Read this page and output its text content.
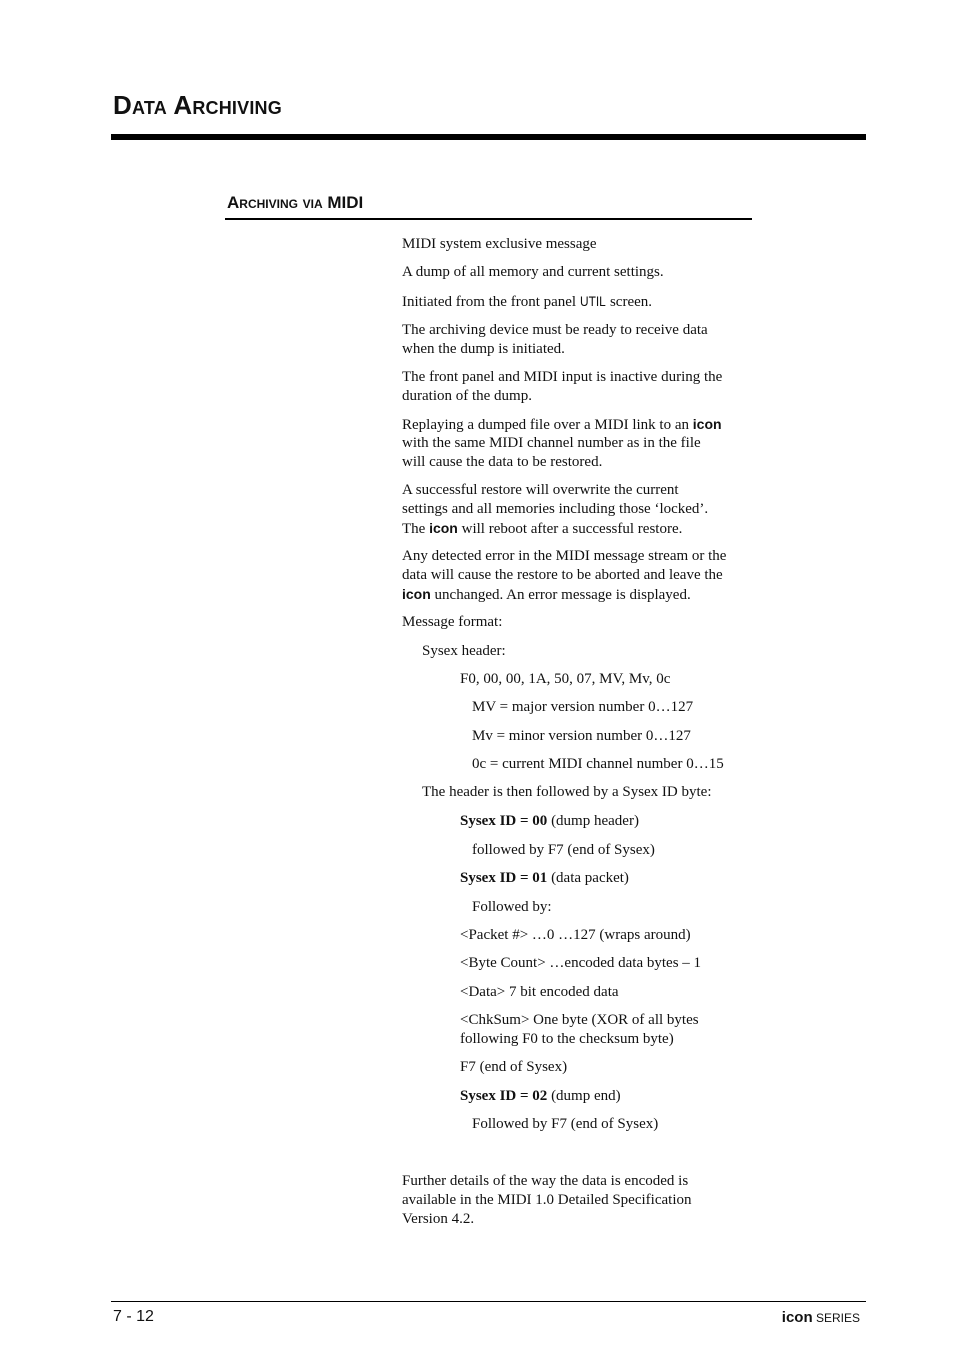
Data Archiving
Archiving via MIDI

MIDI system exclusive message

A dump of all memory and current settings.

Initiated from the front panel UTIL screen.

The archiving device must be ready to receive data

when the dump is initiated.

The front panel and MIDI input is inactive during the

duration of the dump.

Replaying a dumped file over a MIDI link to an icon

with the same MIDI channel number as in the file

will cause the data to be restored.

A successful restore will overwrite the current

settings and all memories including those ‘locked’.

The icon will reboot after a successful restore.

Any detected error in the MIDI message stream or the

data will cause the restore to be aborted and leave the

icon unchanged. An error message is displayed.

Message format:

Sysex header:

F0, 00, 00, 1A, 50, 07, MV, Mv, 0c

MV = major version number 0…127

Mv = minor version number 0…127

0c = current MIDI channel number 0…15

The header is then followed by a Sysex ID byte:

Sysex ID = 00 (dump header)

followed by F7 (end of Sysex)

Sysex ID = 01 (data packet)

Followed by:

<Packet #> …0 …127 (wraps around)

<Byte Count> …encoded data bytes – 1

<Data> 7 bit encoded data

<ChkSum> One byte (XOR of all bytes

following F0 to the checksum byte)

F7 (end of Sysex)

Sysex ID = 02 (dump end)

Followed by F7 (end of Sysex)

Further details of the way the data is encoded is

available in the MIDI 1.0 Detailed Specification

Version 4.2.

7 - 12	icon SERIES
